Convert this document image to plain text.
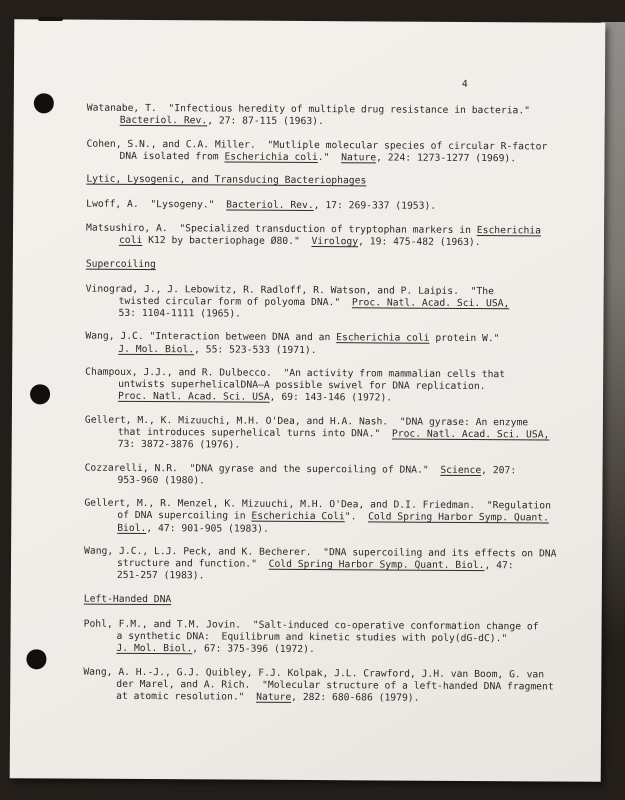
4
Watanabe, T.  "Infectious heredity of multiple drug resistance in bacteria."
Bacteriol. Rev., 27: 87-115 (1963).
Cohen, S.N., and C.A. Miller.  "Mutliple molecular species of circular R-factor
DNA isolated from Escherichia coli."  Nature, 224: 1273-1277 (1969).
Lytic, Lysogenic, and Transducing Bacteriophages
Lwoff, A.  "Lysogeny."  Bacteriol. Rev., 17: 269-337 (1953).
Matsushiro, A.  "Specialized transduction of tryptophan markers in Escherichia
coli K12 by bacteriophage Ø80."  Virology, 19: 475-482 (1963).
Supercoiling
Vinograd, J., J. Lebowitz, R. Radloff, R. Watson, and P. Laipis.  "The
twisted circular form of polyoma DNA."  Proc. Natl. Acad. Sci. USA,
53: 1104-1111 (1965).
Wang, J.C. "Interaction between DNA and an Escherichia coli protein W."
J. Mol. Biol., 55: 523-533 (1971).
Champoux, J.J., and R. Dulbecco.  "An activity from mammalian cells that
untwists superhelicalDNA—A possible swivel for DNA replication.
Proc. Natl. Acad. Sci. USA, 69: 143-146 (1972).
Gellert, M., K. Mizuuchi, M.H. O'Dea, and H.A. Nash.  "DNA gyrase: An enzyme
that introduces superhelical turns into DNA."  Proc. Natl. Acad. Sci. USA,
73: 3872-3876 (1976).
Cozzarelli, N.R.  "DNA gyrase and the supercoiling of DNA."  Science, 207:
953-960 (1980).
Gellert, M., R. Menzel, K. Mizuuchi, M.H. O'Dea, and D.I. Friedman.  "Regulation
of DNA supercoiling in Escherichia Coli".  Cold Spring Harbor Symp. Quant.
Biol., 47: 901-905 (1983).
Wang, J.C., L.J. Peck, and K. Becherer.  "DNA supercoiling and its effects on DNA
structure and function."  Cold Spring Harbor Symp. Quant. Biol., 47:
251-257 (1983).
Left-Handed DNA
Pohl, F.M., and T.M. Jovin.  "Salt-induced co-operative conformation change of
a synthetic DNA:  Equilibrum and kinetic studies with poly(dG-dC)."
J. Mol. Biol., 67: 375-396 (1972).
Wang, A. H.-J., G.J. Quibley, F.J. Kolpak, J.L. Crawford, J.H. van Boom, G. van
der Marel, and A. Rich.  "Molecular structure of a left-handed DNA fragment
at atomic resolution."  Nature, 282: 680-686 (1979).
